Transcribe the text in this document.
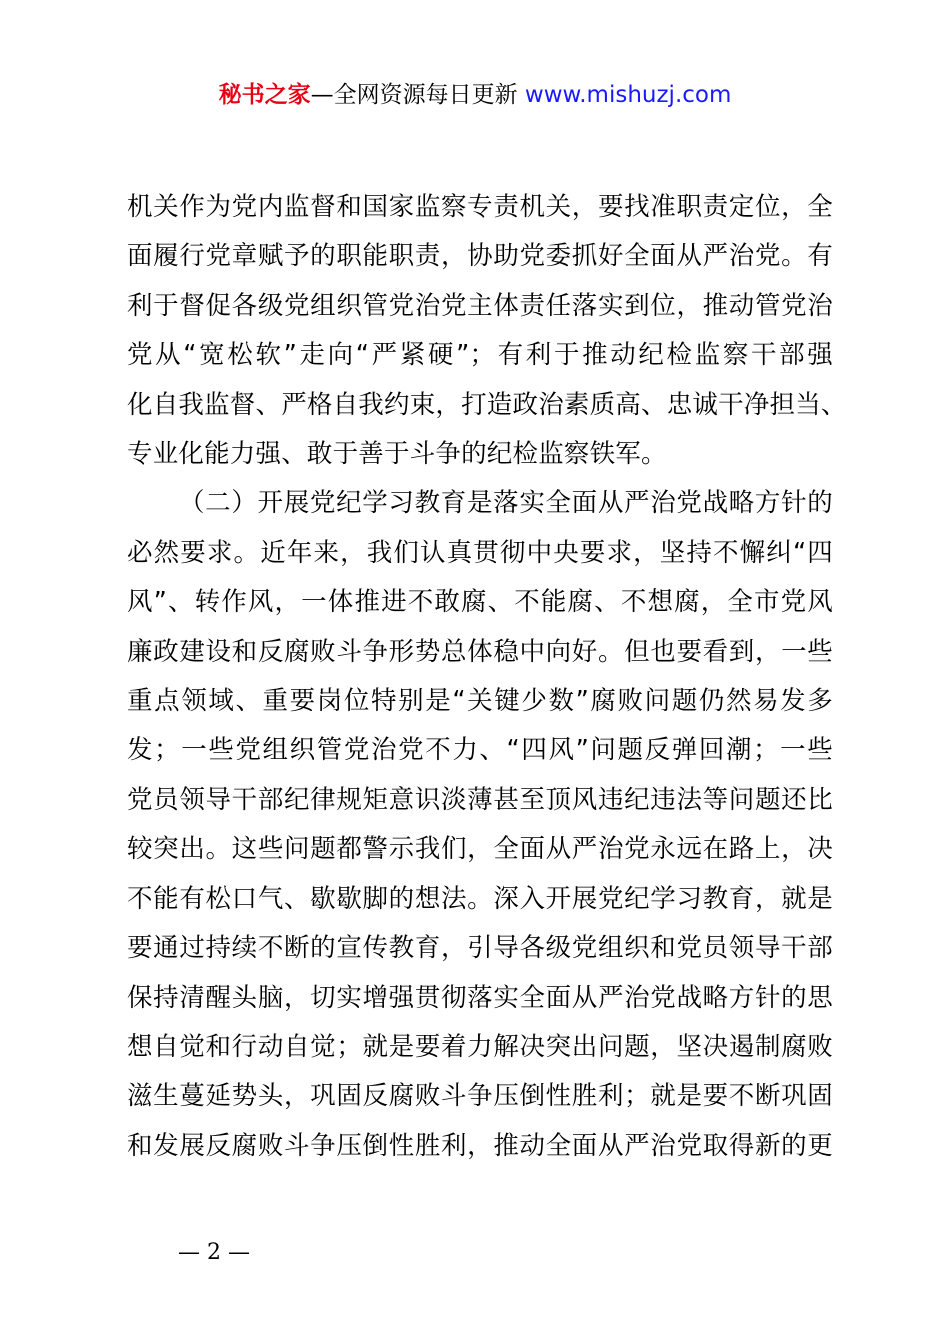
秘书之家—全网资源每日更新 www.mishuzj.com
机关作为党内监督和国家监察专责机关，要找准职责定位，全
面履行党章赋予的职能职责，协助党委抓好全面从严治党。有
利于督促各级党组织管党治党主体责任落实到位，推动管党治
党从“宽松软”走向“严紧硬”；有利于推动纪检监察干部强
化自我监督、严格自我约束，打造政治素质高、忠诚干净担当、
专业化能力强、敢于善于斗争的纪检监察铁军。
（二）开展党纪学习教育是落实全面从严治党战略方针的
必然要求。近年来，我们认真贯彻中央要求，坚持不懈纠“四
风”、转作风，一体推进不敢腐、不能腐、不想腐，全市党风
廉政建设和反腐败斗争形势总体稳中向好。但也要看到，一些
重点领域、重要岗位特别是“关键少数”腐败问题仍然易发多
发；一些党组织管党治党不力、“四风”问题反弹回潮；一些
党员领导干部纪律规矩意识淡薄甚至顶风违纪违法等问题还比
较突出。这些问题都警示我们，全面从严治党永远在路上，决
不能有松口气、歇歇脚的想法。深入开展党纪学习教育，就是
要通过持续不断的宣传教育，引导各级党组织和党员领导干部
保持清醒头脑，切实增强贯彻落实全面从严治党战略方针的思
想自觉和行动自觉；就是要着力解决突出问题，坚决遏制腐败
滋生蔓延势头，巩固反腐败斗争压倒性胜利；就是要不断巩固
和发展反腐败斗争压倒性胜利，推动全面从严治党取得新的更
— 2 —
